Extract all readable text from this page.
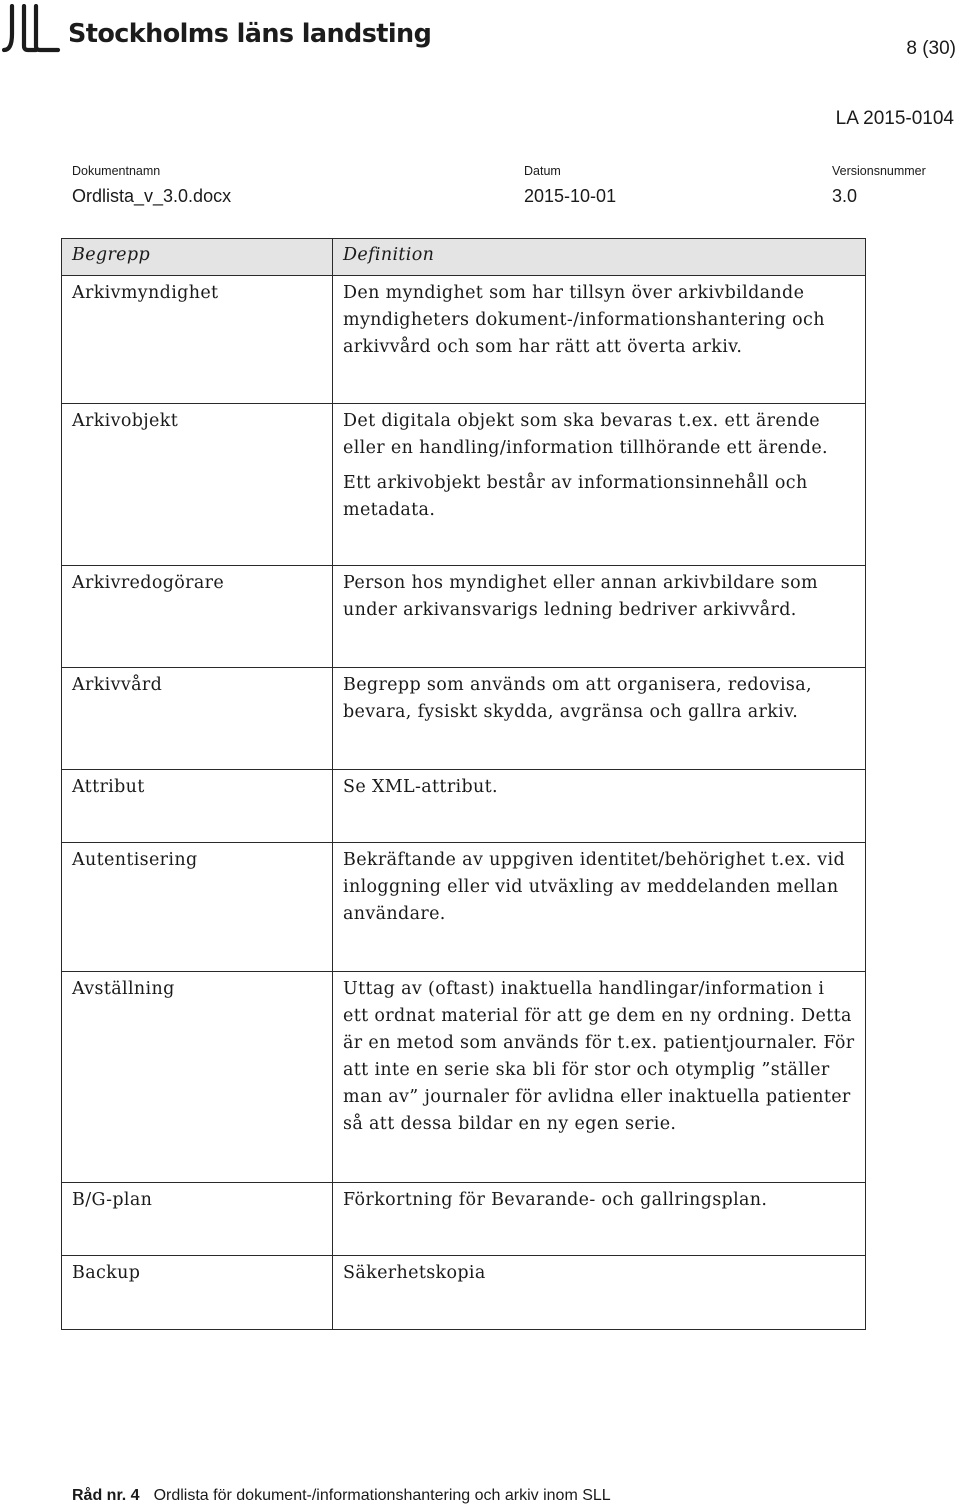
Stockholms läns landsting	8 (30)
LA 2015-0104
Dokumentnamn	Datum	Versionsnummer
Ordlista_v_3.0.docx	2015-10-01	3.0
Begrepp	Definition
Arkivmyndighet	Den myndighet som har tillsyn över arkivbildande myndigheters dokument-/informationshantering och arkivvård och som har rätt att överta arkiv.

Arkivobjekt	Det digitala objekt som ska bevaras t.ex. ett ärende eller en handling/information tillhörande ett ärende.

Ett arkivobjekt består av informationsinnehåll och metadata.

Arkivredogörare	Person hos myndighet eller annan arkivbildare som under arkivansvarigs ledning bedriver arkivvård.

Arkivvård	Begrepp som används om att organisera, redovisa, bevara, fysiskt skydda, avgränsa och gallra arkiv.

Attribut	Se XML-attribut.

Autentisering	Bekräftande av uppgiven identitet/behörighet t.ex. vid inloggning eller vid utväxling av meddelanden mellan användare.

Avställning	Uttag av (oftast) inaktuella handlingar/information i ett ordnat material för att ge dem en ny ordning. Detta är en metod som används för t.ex. patientjournaler. För att inte en serie ska bli för stor och otymplig ”ställer man av” journaler för avlidna eller inaktuella patienter så att dessa bildar en ny egen serie.

B/G-plan	Förkortning för Bevarande- och gallringsplan.

Backup	Säkerhetskopia

Råd nr. 4 Ordlista för dokument-/informationshantering och arkiv inom SLL
